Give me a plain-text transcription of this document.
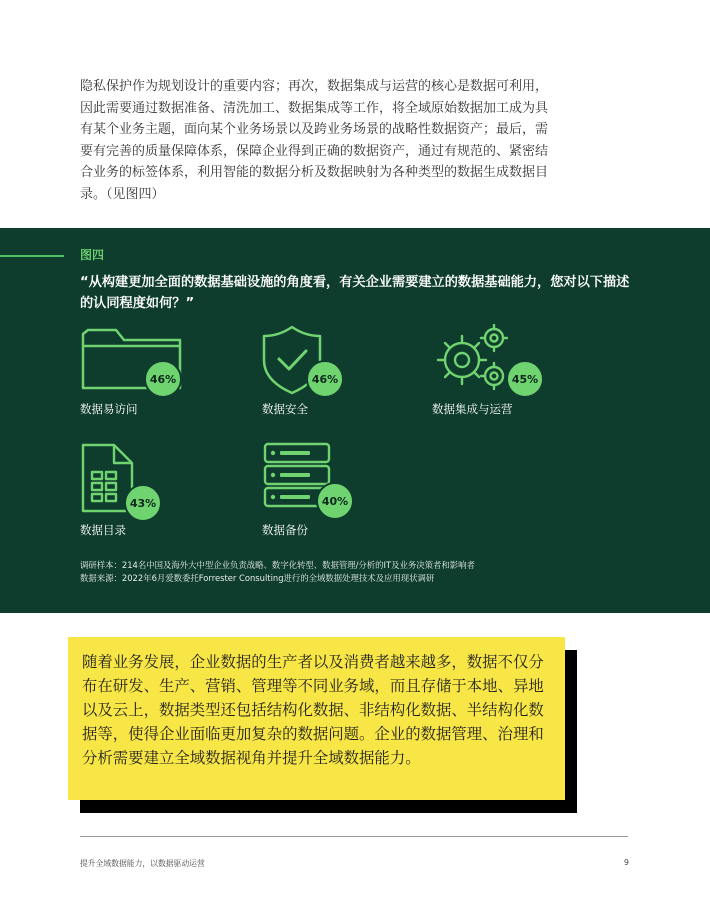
隐私保护作为规划设计的重要内容；再次，数据集成与运营的核心是数据可利用，因此需要通过数据准备、清洗加工、数据集成等工作，将全域原始数据加工成为具有某个业务主题，面向某个业务场景以及跨业务场景的战略性数据资产；最后，需要有完善的质量保障体系，保障企业得到正确的数据资产，通过有规范的、紧密结合业务的标签体系，利用智能的数据分析及数据映射为各种类型的数据生成数据目录。（见图四）

图四
“从构建更加全面的数据基础设施的角度看，有关企业需要建立的数据基础能力，您对以下描述的认同程度如何？”
46%
数据易访问
46%
数据安全
45%
数据集成与运营
43%
数据目录
40%
数据备份
调研样本：214名中国及海外大中型企业负责战略、数字化转型、数据管理/分析的IT及业务决策者和影响者
数据来源：2022年6月爱数委托Forrester Consulting进行的全域数据处理技术及应用现状调研

随着业务发展，企业数据的生产者以及消费者越来越多，数据不仅分布在研发、生产、营销、管理等不同业务域，而且存储于本地、异地以及云上，数据类型还包括结构化数据、非结构化数据、半结构化数据等，使得企业面临更加复杂的数据问题。企业的数据管理、治理和分析需要建立全域数据视角并提升全域数据能力。

提升全域数据能力，以数据驱动运营	9
